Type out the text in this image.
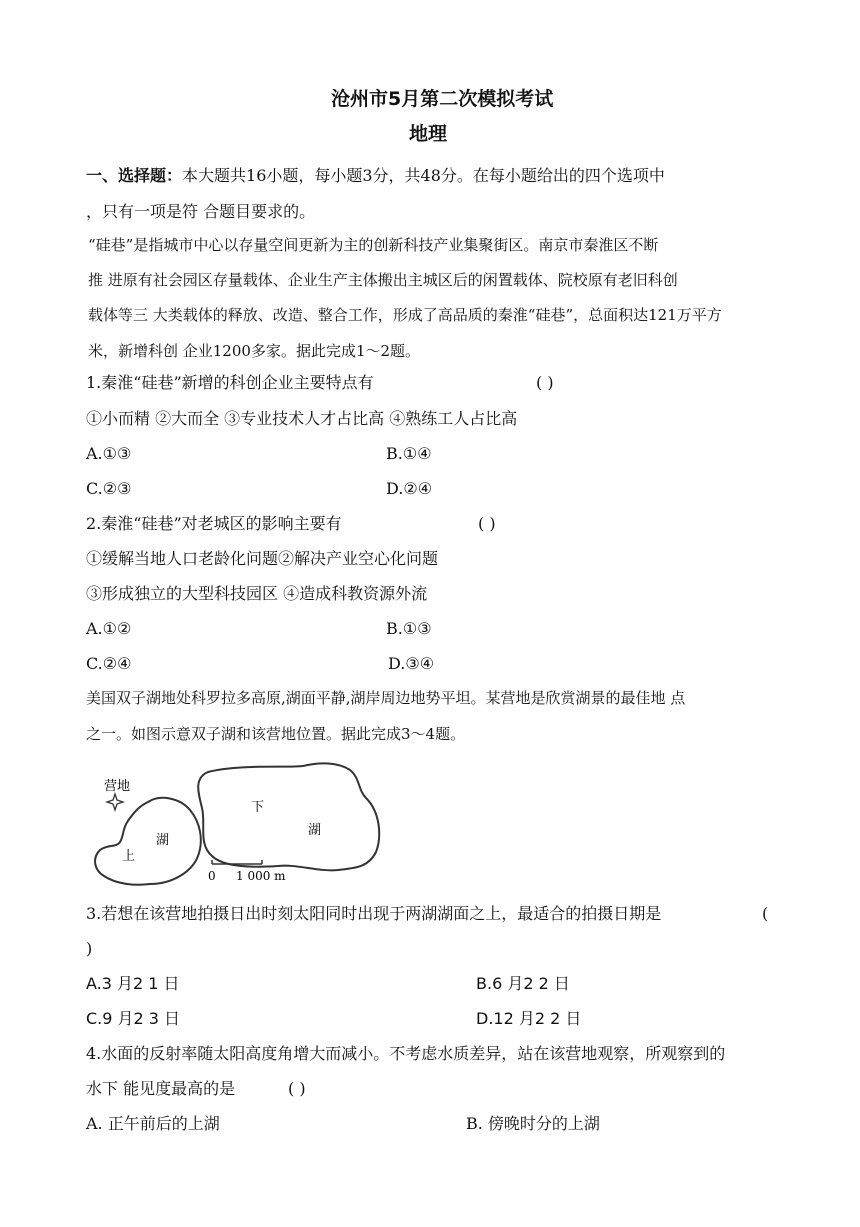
沧州市5月第二次模拟考试
地理
一、选择题：本大题共16小题，每小题3分，共48分。在每小题给出的四个选项中
，只有一项是符 合题目要求的。
“硅巷”是指城市中心以存量空间更新为主的创新科技产业集聚街区。南京市秦淮区不断
推 进原有社会园区存量载体、企业生产主体搬出主城区后的闲置载体、院校原有老旧科创
载体等三 大类载体的释放、改造、整合工作，形成了高品质的秦淮“硅巷”，总面积达121万平方
米，新增科创 企业1200多家。据此完成1～2题。
1.秦淮“硅巷”新增的科创企业主要特点有	( )
①小而精 ②大而全 ③专业技术人才占比高 ④熟练工人占比高
A.①③	B.①④
C.②③	D.②④
2.秦淮“硅巷”对老城区的影响主要有	( )
①缓解当地人口老龄化问题②解决产业空心化问题
③形成独立的大型科技园区 ④造成科教资源外流
A.①②	B.①③
C.②④	D.③④
美国双子湖地处科罗拉多高原,湖面平静,湖岸周边地势平坦。某营地是欣赏湖景的最佳地 点
之一。如图示意双子湖和该营地位置。据此完成3～4题。
营地
上
湖
下
湖
0 1 000 m
3.若想在该营地拍摄日出时刻太阳同时出现于两湖湖面之上，最适合的拍摄日期是	(
)
A.3 月2 1 日	B.6 月2 2 日
C.9 月2 3 日	D.12 月2 2 日
4.水面的反射率随太阳高度角增大而减小。不考虑水质差异，站在该营地观察，所观察到的
水下 能见度最高的是	( )
A. 正午前后的上湖	B. 傍晚时分的上湖
